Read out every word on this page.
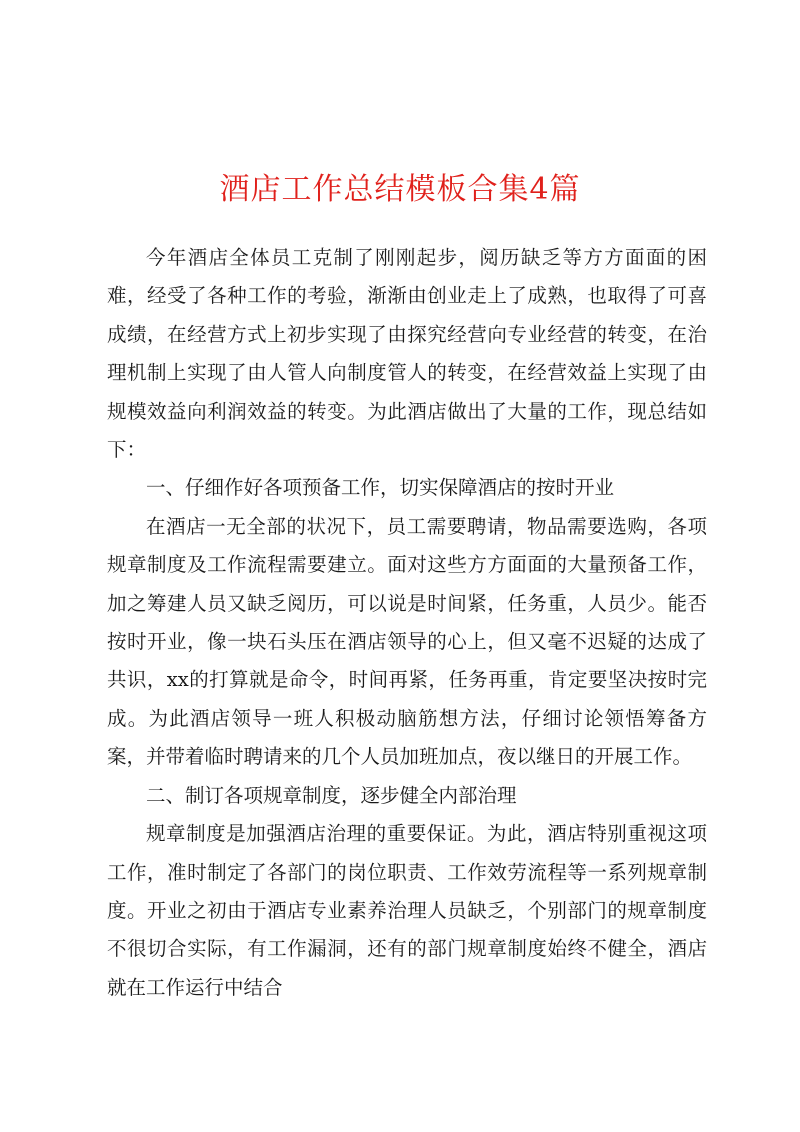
酒店工作总结模板合集4篇

今年酒店全体员工克制了刚刚起步，阅历缺乏等方方面面的困难，经受了各种工作的考验，渐渐由创业走上了成熟，也取得了可喜成绩，在经营方式上初步实现了由探究经营向专业经营的转变，在治理机制上实现了由人管人向制度管人的转变，在经营效益上实现了由规模效益向利润效益的转变。为此酒店做出了大量的工作，现总结如下：

一、仔细作好各项预备工作，切实保障酒店的按时开业

在酒店一无全部的状况下，员工需要聘请，物品需要选购，各项规章制度及工作流程需要建立。面对这些方方面面的大量预备工作，加之筹建人员又缺乏阅历，可以说是时间紧，任务重，人员少。能否按时开业，像一块石头压在酒店领导的心上，但又毫不迟疑的达成了共识，xx的打算就是命令，时间再紧，任务再重，肯定要坚决按时完成。为此酒店领导一班人积极动脑筋想方法，仔细讨论领悟筹备方案，并带着临时聘请来的几个人员加班加点，夜以继日的开展工作。

二、制订各项规章制度，逐步健全内部治理

规章制度是加强酒店治理的重要保证。为此，酒店特别重视这项工作，准时制定了各部门的岗位职责、工作效劳流程等一系列规章制度。开业之初由于酒店专业素养治理人员缺乏，个别部门的规章制度不很切合实际，有工作漏洞，还有的部门规章制度始终不健全，酒店就在工作运行中结合
